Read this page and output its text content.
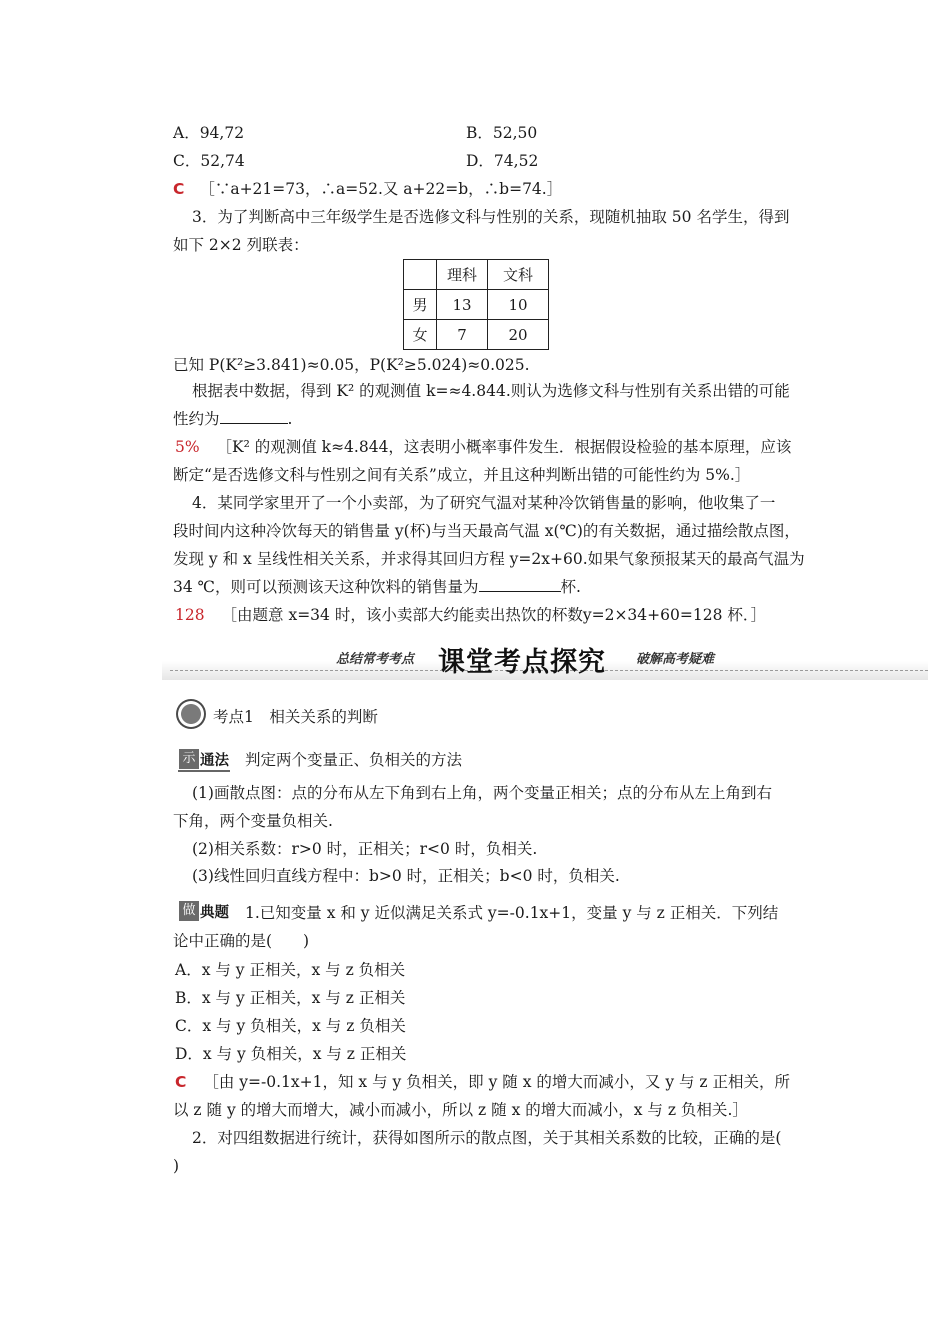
A．94,72	B．52,50
C．52,74	D．74,52
C ［∵a+21=73，∴a=52.又 a+22=b，∴b=74.］
3．为了判断高中三年级学生是否选修文科与性别的关系，现随机抽取 50 名学生，得到
如下 2×2 列联表：
	理科	文科
男	13	10
女	7	20
已知 P(K²≥3.841)≈0.05，P(K²≥5.024)≈0.025.
根据表中数据，得到 K² 的观测值 k=≈4.844.则认为选修文科与性别有关系出错的可能
性约为	.
5% ［K² 的观测值 k≈4.844，这表明小概率事件发生．根据假设检验的基本原理，应该
断定“是否选修文科与性别之间有关系”成立，并且这种判断出错的可能性约为 5%.］
4．某同学家里开了一个小卖部，为了研究气温对某种冷饮销售量的影响，他收集了一
段时间内这种冷饮每天的销售量 y(杯)与当天最高气温 x(℃)的有关数据，通过描绘散点图，
发现 y 和 x 呈线性相关关系，并求得其回归方程 y=2x+60.如果气象预报某天的最高气温为
34 ℃，则可以预测该天这种饮料的销售量为	杯.
128 ［由题意 x=34 时，该小卖部大约能卖出热饮的杯数y=2×34+60=128 杯．］
总结常考考点 课堂考点探究 破解高考疑难
考点1　相关关系的判断
示 通法 判定两个变量正、负相关的方法
(1)画散点图：点的分布从左下角到右上角，两个变量正相关；点的分布从左上角到右
下角，两个变量负相关.
(2)相关系数：r>0 时，正相关；r<0 时，负相关.
(3)线性回归直线方程中：b>0 时，正相关；b<0 时，负相关.
做 典题 1.已知变量 x 和 y 近似满足关系式 y=-0.1x+1，变量 y 与 z 正相关．下列结
论中正确的是(　　)
A．x 与 y 正相关，x 与 z 负相关
B．x 与 y 正相关，x 与 z 正相关
C．x 与 y 负相关，x 与 z 负相关
D．x 与 y 负相关，x 与 z 正相关
C ［由 y=-0.1x+1，知 x 与 y 负相关，即 y 随 x 的增大而减小，又 y 与 z 正相关，所
以 z 随 y 的增大而增大，减小而减小，所以 z 随 x 的增大而减小，x 与 z 负相关.］
2．对四组数据进行统计，获得如图所示的散点图，关于其相关系数的比较，正确的是(
)
